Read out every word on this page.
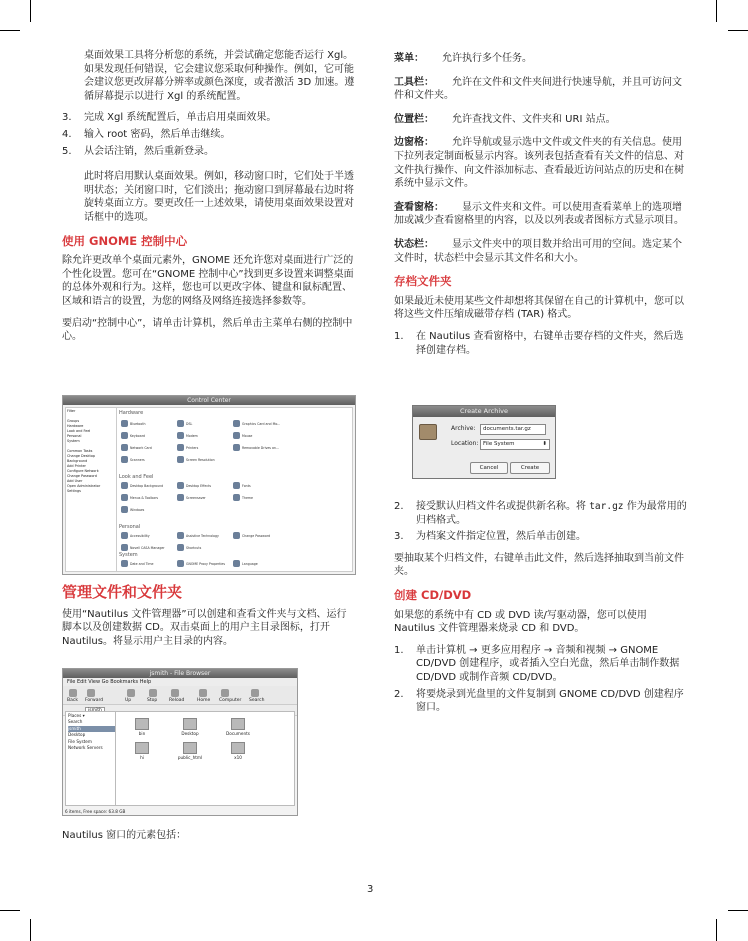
桌面效果工具将分析您的系统，并尝试确定您能否运行 Xgl。如果发现任何错误，它会建议您采取何种操作。例如，它可能会建议您更改屏幕分辨率或颜色深度，或者激活 3D 加速。遵循屏幕提示以进行 Xgl 的系统配置。

3. 完成 Xgl 系统配置后，单击启用桌面效果。
4. 输入 root 密码，然后单击继续。
5. 从会话注销，然后重新登录。

此时将启用默认桌面效果。例如，移动窗口时，它们处于半透明状态；关闭窗口时，它们淡出；拖动窗口到屏幕最右边时将旋转桌面立方。要更改任一上述效果，请使用桌面效果设置对话框中的选项。

使用 GNOME 控制中心

除允许更改单个桌面元素外，GNOME 还允许您对桌面进行广泛的个性化设置。您可在“GNOME 控制中心”找到更多设置来调整桌面的总体外观和行为。这样，您也可以更改字体、键盘和鼠标配置、区域和语言的设置，为您的网络及网络连接选择参数等。

要启动“控制中心”，请单击计算机，然后单击主菜单右侧的控制中心。

Control Center
Filter
Groups
Hardware
Look and Feel
Personal
System
Common Tasks
Change Desktop Background
Add Printer
Configure Network
Change Password
Add User
Open Administrator Settings
Hardware
Look and Feel
Personal
System
Bluetooth	DSL	Graphics Card and Mo...
Keyboard	Modem	Mouse
Network Card	Printers	Removable Drives an...
Scanners	Screen Resolution
Desktop Background	Desktop Effects	Fonts
Menus & Toolbars	Screensaver	Theme
Windows
Accessibility	Assistive Technology	Change Password
Novell CASA Manager	Shortcuts
Date and Time	GNOME Proxy Properties	Language
管理文件和文件夹

使用“Nautilus 文件管理器”可以创建和查看文件夹与文档、运行脚本以及创建数据 CD。双击桌面上的用户主目录图标，打开 Nautilus。将显示用户主目录的内容。

jsmith - File Browser
File Edit View Go Bookmarks Help
Back Forward	Up	Stop	Reload	Home Computer Search
Places ▾
Search
jsmith
Desktop
File System
Network Servers
bin	Desktop	Documents
hi	public_html	x10
6 items, Free space: 63.8 GB

Nautilus 窗口的元素包括：

菜单： 允许执行多个任务。
工具栏： 允许在文件和文件夹间进行快速导航，并且可访问文件和文件夹。
位置栏： 允许查找文件、文件夹和 URI 站点。
边窗格： 允许导航或显示选中文件或文件夹的有关信息。使用下拉列表定制面板显示内容。该列表包括查看有关文件的信息、对文件执行操作、向文件添加标志、查看最近访问站点的历史和在树系统中显示文件。
查看窗格： 显示文件夹和文件。可以使用查看菜单上的选项增加或减少查看窗格里的内容，以及以列表或者图标方式显示项目。
状态栏： 显示文件夹中的项目数并给出可用的空间。选定某个文件时，状态栏中会显示其文件名和大小。
存档文件夹

如果最近未使用某些文件却想将其保留在自己的计算机中，您可以将这些文件压缩成磁带存档 (TAR) 格式。

1. 在 Nautilus 查看窗格中，右键单击要存档的文件夹，然后选择创建存档。
Create Archive
Archive:	documents.tar.gz
Location: File System	⬍
Cancel	Create
2. 接受默认归档文件名或提供新名称。将 tar.gz 作为最常用的归档格式。
3. 为档案文件指定位置，然后单击创建。

要抽取某个归档文件，右键单击此文件，然后选择抽取到当前文件夹。

创建 CD/DVD

如果您的系统中有 CD 或 DVD 读/写驱动器，您可以使用 Nautilus 文件管理器来烧录 CD 和 DVD。

1. 单击计算机 → 更多应用程序 → 音频和视频 → GNOME CD/DVD 创建程序，或者插入空白光盘，然后单击制作数据 CD/DVD 或制作音频 CD/DVD。
2. 将要烧录到光盘里的文件复制到 GNOME CD/DVD 创建程序窗口。
3
